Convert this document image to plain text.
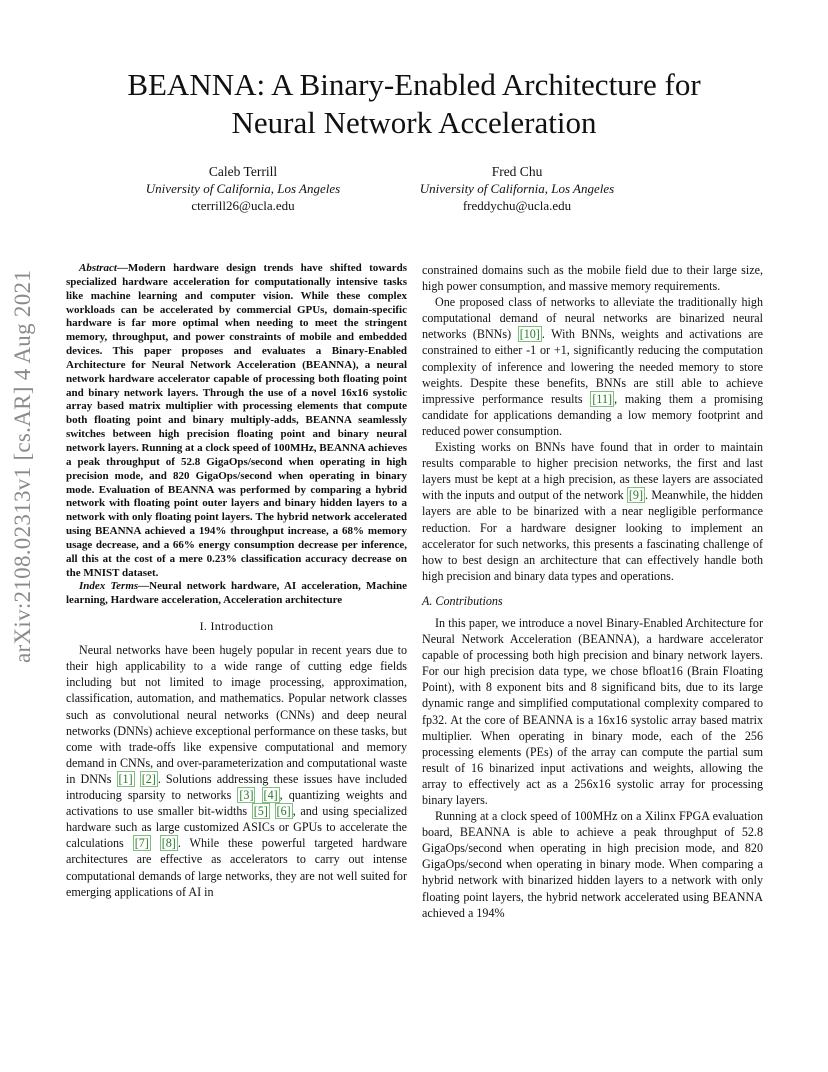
arXiv:2108.02313v1 [cs.AR] 4 Aug 2021
BEANNA: A Binary-Enabled Architecture for
Neural Network Acceleration
Caleb Terrill
University of California, Los Angeles
cterrill26@ucla.edu
Fred Chu
University of California, Los Angeles
freddychu@ucla.edu

Abstract—Modern hardware design trends have shifted towards specialized hardware acceleration for computationally intensive tasks like machine learning and computer vision. While these complex workloads can be accelerated by commercial GPUs, domain-specific hardware is far more optimal when needing to meet the stringent memory, throughput, and power constraints of mobile and embedded devices. This paper proposes and evaluates a Binary-Enabled Architecture for Neural Network Acceleration (BEANNA), a neural network hardware accelerator capable of processing both floating point and binary network layers. Through the use of a novel 16x16 systolic array based matrix multiplier with processing elements that compute both floating point and binary multiply-adds, BEANNA seamlessly switches between high precision floating point and binary neural network layers. Running at a clock speed of 100MHz, BEANNA achieves a peak throughput of 52.8 GigaOps/second when operating in high precision mode, and 820 GigaOps/second when operating in binary mode. Evaluation of BEANNA was performed by comparing a hybrid network with floating point outer layers and binary hidden layers to a network with only floating point layers. The hybrid network accelerated using BEANNA achieved a 194% throughput increase, a 68% memory usage decrease, and a 66% energy consumption decrease per inference, all this at the cost of a mere 0.23% classification accuracy decrease on the MNIST dataset.

Index Terms—Neural network hardware, AI acceleration, Machine learning, Hardware acceleration, Acceleration architecture

I. Introduction

Neural networks have been hugely popular in recent years due to their high applicability to a wide range of cutting edge fields including but not limited to image processing, approximation, classification, automation, and mathematics. Popular network classes such as convolutional neural networks (CNNs) and deep neural networks (DNNs) achieve exceptional performance on these tasks, but come with trade-offs like expensive computational and memory demand in CNNs, and over-parameterization and computational waste in DNNs [1] [2] . Solutions addressing these issues have included introducing sparsity to networks [3] [4] , quantizing weights and activations to use smaller bit-widths [5] [6] , and using specialized hardware such as large customized ASICs or GPUs to accelerate the calculations [7] [8] . While these powerful targeted hardware architectures are effective as accelerators to carry out intense computational demands of large networks, they are not well suited for emerging applications of AI in

constrained domains such as the mobile field due to their large size, high power consumption, and massive memory requirements.

One proposed class of networks to alleviate the traditionally high computational demand of neural networks are binarized neural networks (BNNs) [10] . With BNNs, weights and activations are constrained to either -1 or +1, significantly reducing the computation complexity of inference and lowering the needed memory to store weights. Despite these benefits, BNNs are still able to achieve impressive performance results [11] , making them a promising candidate for applications demanding a low memory footprint and reduced power consumption.

Existing works on BNNs have found that in order to maintain results comparable to higher precision networks, the first and last layers must be kept at a high precision, as these layers are associated with the inputs and output of the network [9] . Meanwhile, the hidden layers are able to be binarized with a near negligible performance reduction. For a hardware designer looking to implement an accelerator for such networks, this presents a fascinating challenge of how to best design an architecture that can effectively handle both high precision and binary data types and operations.

A. Contributions

In this paper, we introduce a novel Binary-Enabled Architecture for Neural Network Acceleration (BEANNA), a hardware accelerator capable of processing both high precision and binary network layers. For our high precision data type, we chose bfloat16 (Brain Floating Point), with 8 exponent bits and 8 significand bits, due to its large dynamic range and simplified computational complexity compared to fp32. At the core of BEANNA is a 16x16 systolic array based matrix multiplier. When operating in binary mode, each of the 256 processing elements (PEs) of the array can compute the partial sum result of 16 binarized input activations and weights, allowing the array to effectively act as a 256x16 systolic array for processing binary layers.

Running at a clock speed of 100MHz on a Xilinx FPGA evaluation board, BEANNA is able to achieve a peak throughput of 52.8 GigaOps/second when operating in high precision mode, and 820 GigaOps/second when operating in binary mode. When comparing a hybrid network with binarized hidden layers to a network with only floating point layers, the hybrid network accelerated using BEANNA achieved a 194%
